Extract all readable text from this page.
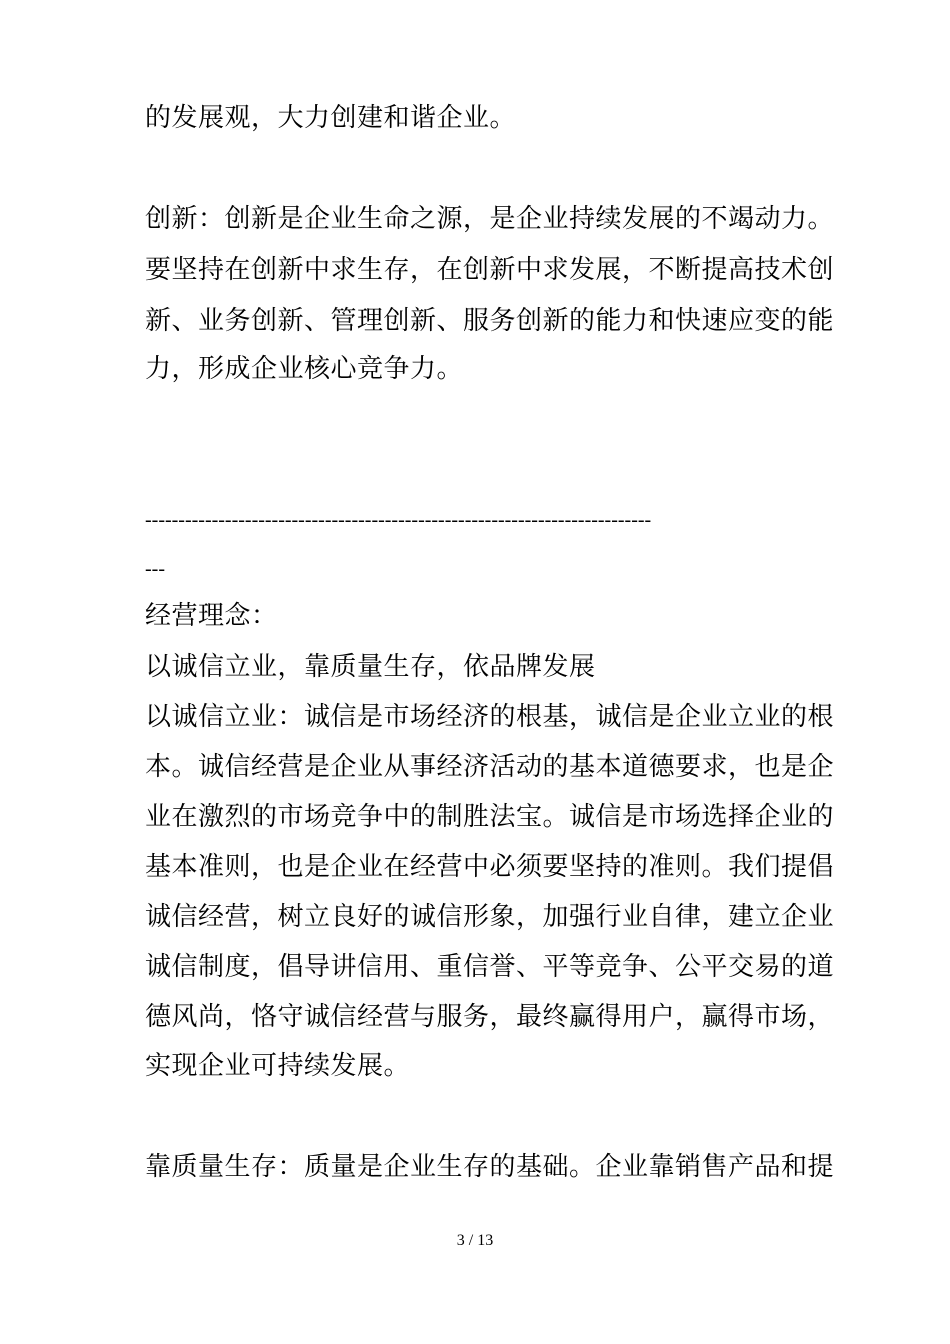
的发展观，大力创建和谐企业。
创新：创新是企业生命之源，是企业持续发展的不竭动力。
要坚持在创新中求生存，在创新中求发展，不断提高技术创
新、业务创新、管理创新、服务创新的能力和快速应变的能
力，形成企业核心竞争力。
----------------------------------------------------------------------------
---
经营理念：
以诚信立业，靠质量生存，依品牌发展
以诚信立业：诚信是市场经济的根基，诚信是企业立业的根
本。诚信经营是企业从事经济活动的基本道德要求，也是企
业在激烈的市场竞争中的制胜法宝。诚信是市场选择企业的
基本准则，也是企业在经营中必须要坚持的准则。我们提倡
诚信经营，树立良好的诚信形象，加强行业自律，建立企业
诚信制度，倡导讲信用、重信誉、平等竞争、公平交易的道
德风尚，恪守诚信经营与服务，最终赢得用户，赢得市场，
实现企业可持续发展。
靠质量生存：质量是企业生存的基础。企业靠销售产品和提
3 / 13
